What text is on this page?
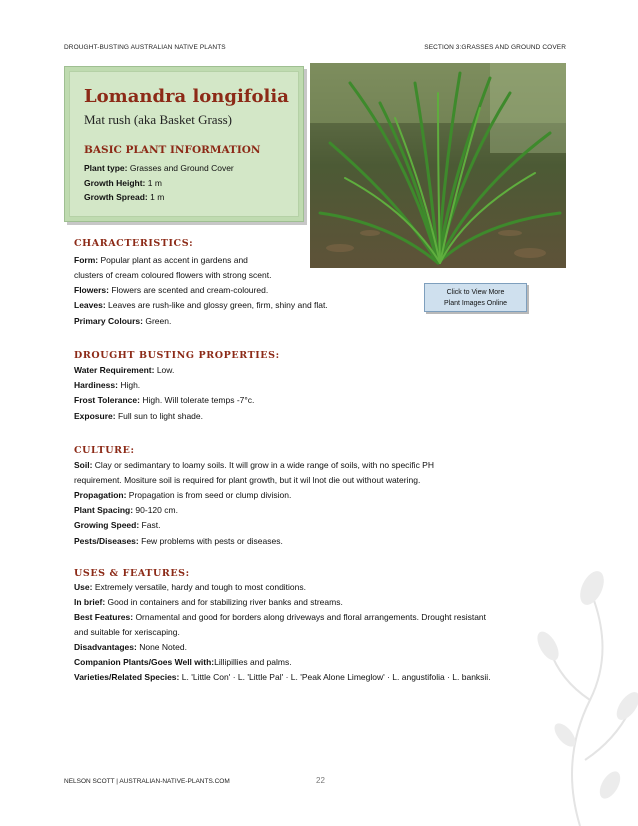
DROUGHT-BUSTING AUSTRALIAN NATIVE PLANTS	SECTION 3:GRASSES AND GROUND COVER
Lomandra longifolia
Mat rush (aka Basket Grass)
BASIC PLANT INFORMATION
Plant type: Grasses and Ground Cover
Growth Height: 1 m
Growth Spread: 1 m
Click to View More
Plant Images Online
CHARACTERISTICS:
Form: Popular plant as accent in gardens and
clusters of cream coloured flowers with strong scent.
Flowers: Flowers are scented and cream-coloured.
Leaves: Leaves are rush-like and glossy green, firm, shiny and flat.
Primary Colours: Green.
DROUGHT BUSTING PROPERTIES:
Water Requirement: Low.
Hardiness: High.
Frost Tolerance: High. Will tolerate temps -7°c.
Exposure: Full sun to light shade.
CULTURE:
Soil: Clay or sedimantary to loamy soils. It will grow in a wide range of soils, with no specific PH
requirement. Mositure soil is required for plant growth, but it wil lnot die out without watering.
Propagation: Propagation is from seed or clump division.
Plant Spacing: 90-120 cm.
Growing Speed: Fast.
Pests/Diseases: Few problems with pests or diseases.
USES & FEATURES:
Use: Extremely versatile, hardy and tough to most conditions.
In brief: Good in containers and for stabilizing river banks and streams.
Best Features: Ornamental and good for borders along driveways and floral arrangements. Drought resistant
and suitable for xeriscaping.
Disadvantages: None Noted.
Companion Plants/Goes Well with:Lillipillies and palms.
Varieties/Related Species: L. 'Little Con' · L. 'Little Pal' · L. 'Peak Alone Limeglow' · L. angustifolia · L. banksii.
NELSON SCOTT | AUSTRALIAN-NATIVE-PLANTS.COM	22
